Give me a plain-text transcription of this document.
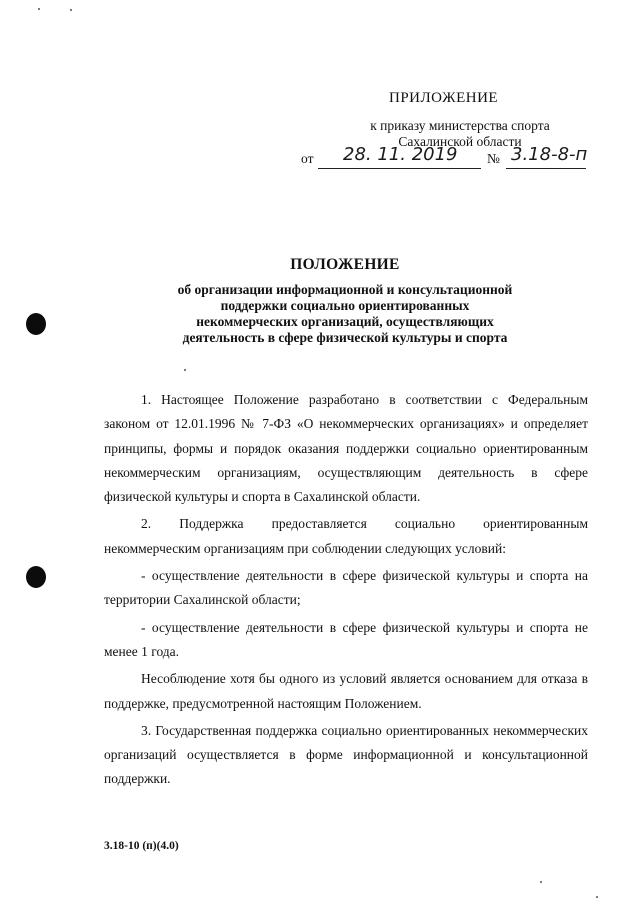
ПРИЛОЖЕНИЕ
к приказу министерства спорта
Сахалинской области
от 28. 11. 2019 № 3.18-8-п
ПОЛОЖЕНИЕ
об организации информационной и консультационной
поддержки социально ориентированных
некоммерческих организаций, осуществляющих
деятельность в сфере физической культуры и спорта

1. Настоящее Положение разработано в соответствии с Федеральным законом от 12.01.1996 № 7-ФЗ «О некоммерческих организациях» и определяет принципы, формы и порядок оказания поддержки социально ориентированным некоммерческим организациям, осуществляющим деятельность в сфере физической культуры и спорта в Сахалинской области.

2. Поддержка предоставляется социально ориентированным некоммерческим организациям при соблюдении следующих условий:

- осуществление деятельности в сфере физической культуры и спорта на территории Сахалинской области;

- осуществление деятельности в сфере физической культуры и спорта не менее 1 года.

Несоблюдение хотя бы одного из условий является основанием для отказа в поддержке, предусмотренной настоящим Положением.

3. Государственная поддержка социально ориентированных некоммерческих организаций осуществляется в форме информационной и консультационной поддержки.

3.18-10 (п)(4.0)
